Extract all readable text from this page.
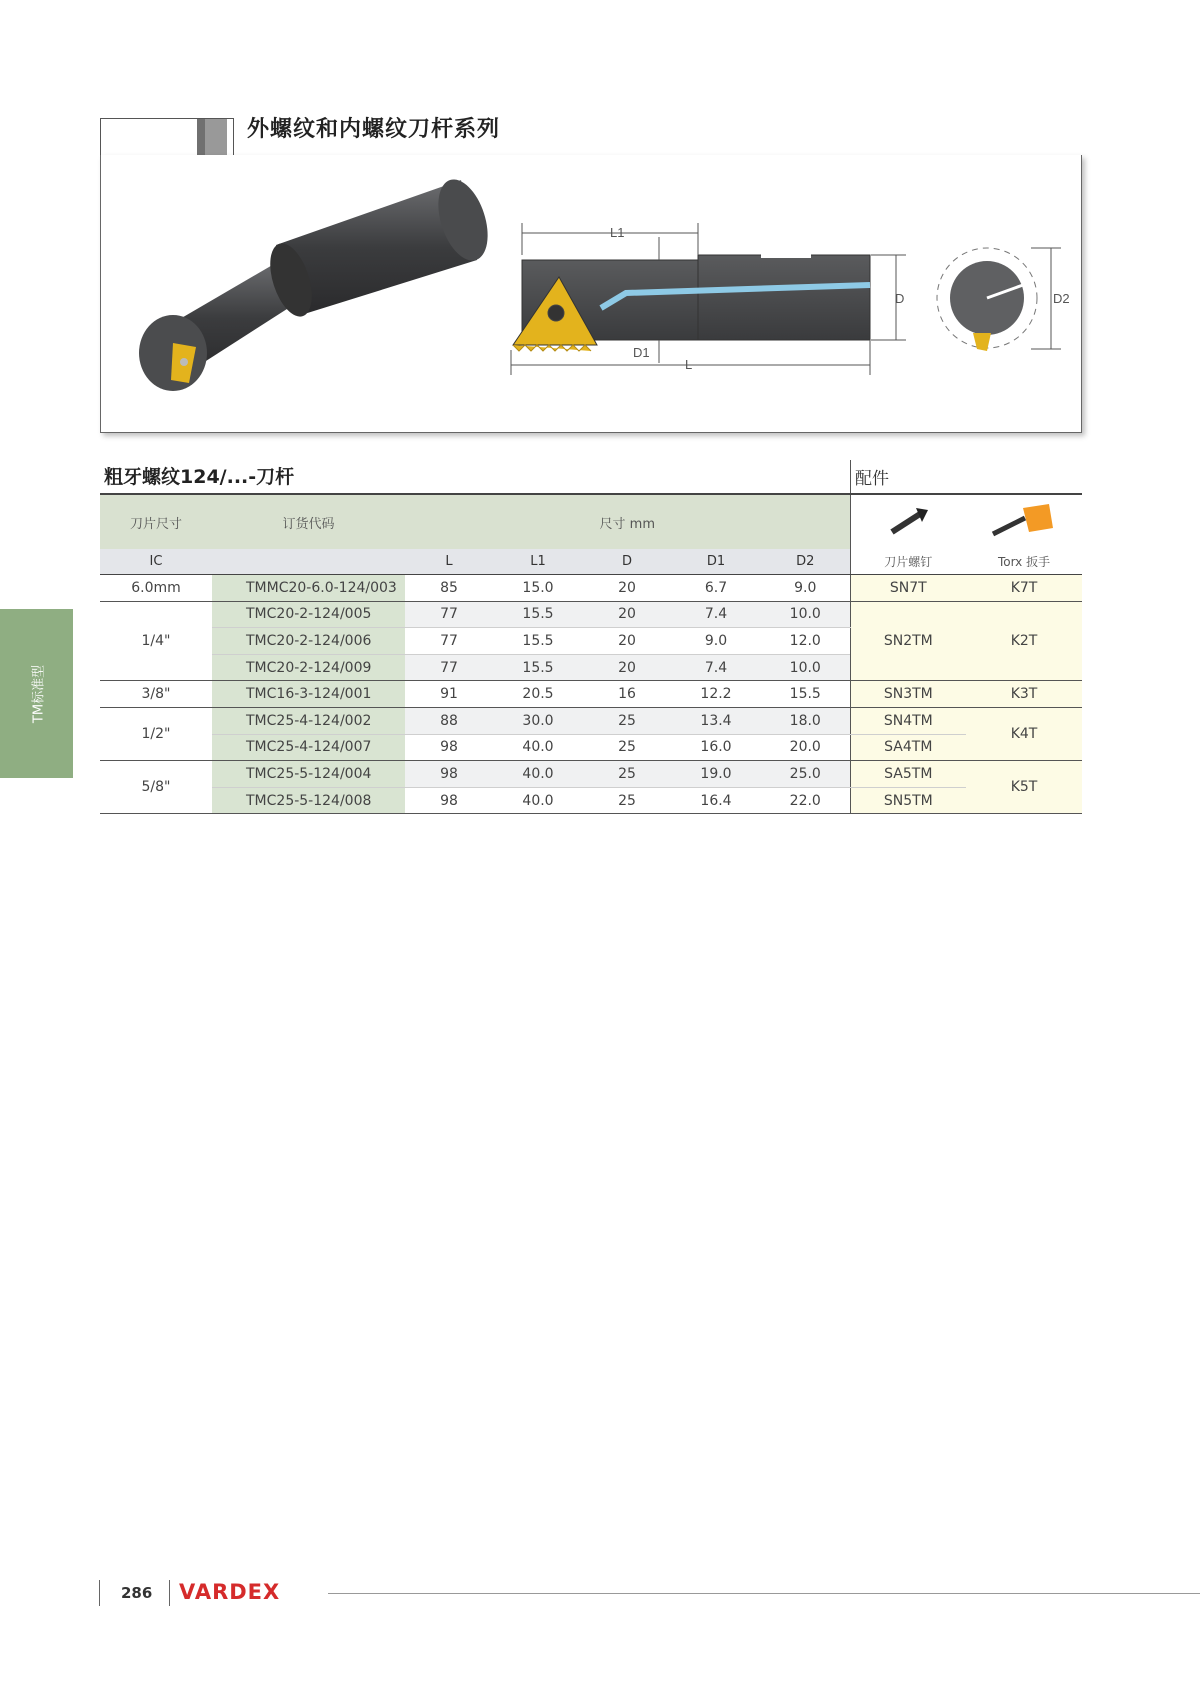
外螺纹和内螺纹刀杆系列
L1
D
D1
L
D2
粗牙螺纹124/...-刀杆	配件
刀片尺寸	订货代码	尺寸 mm		
IC		L	L1	D	D1	D2	刀片螺钉	Torx 扳手
6.0mm	TMMC20-6.0-124/003	85	15.0	20	6.7	9.0	SN7T	K7T
1/4"	TMC20-2-124/005	77	15.5	20	7.4	10.0	SN2TM	K2T
	TMC20-2-124/006	77	15.5	20	9.0	12.0		
	TMC20-2-124/009	77	15.5	20	7.4	10.0		
3/8"	TMC16-3-124/001	91	20.5	16	12.2	15.5	SN3TM	K3T
1/2"	TMC25-4-124/002	88	30.0	25	13.4	18.0	SN4TM	K4T
	TMC25-4-124/007	98	40.0	25	16.0	20.0	SA4TM	
5/8"	TMC25-5-124/004	98	40.0	25	19.0	25.0	SA5TM	K5T
	TMC25-5-124/008	98	40.0	25	16.4	22.0	SN5TM	
TM标准型
286 VARDEX
